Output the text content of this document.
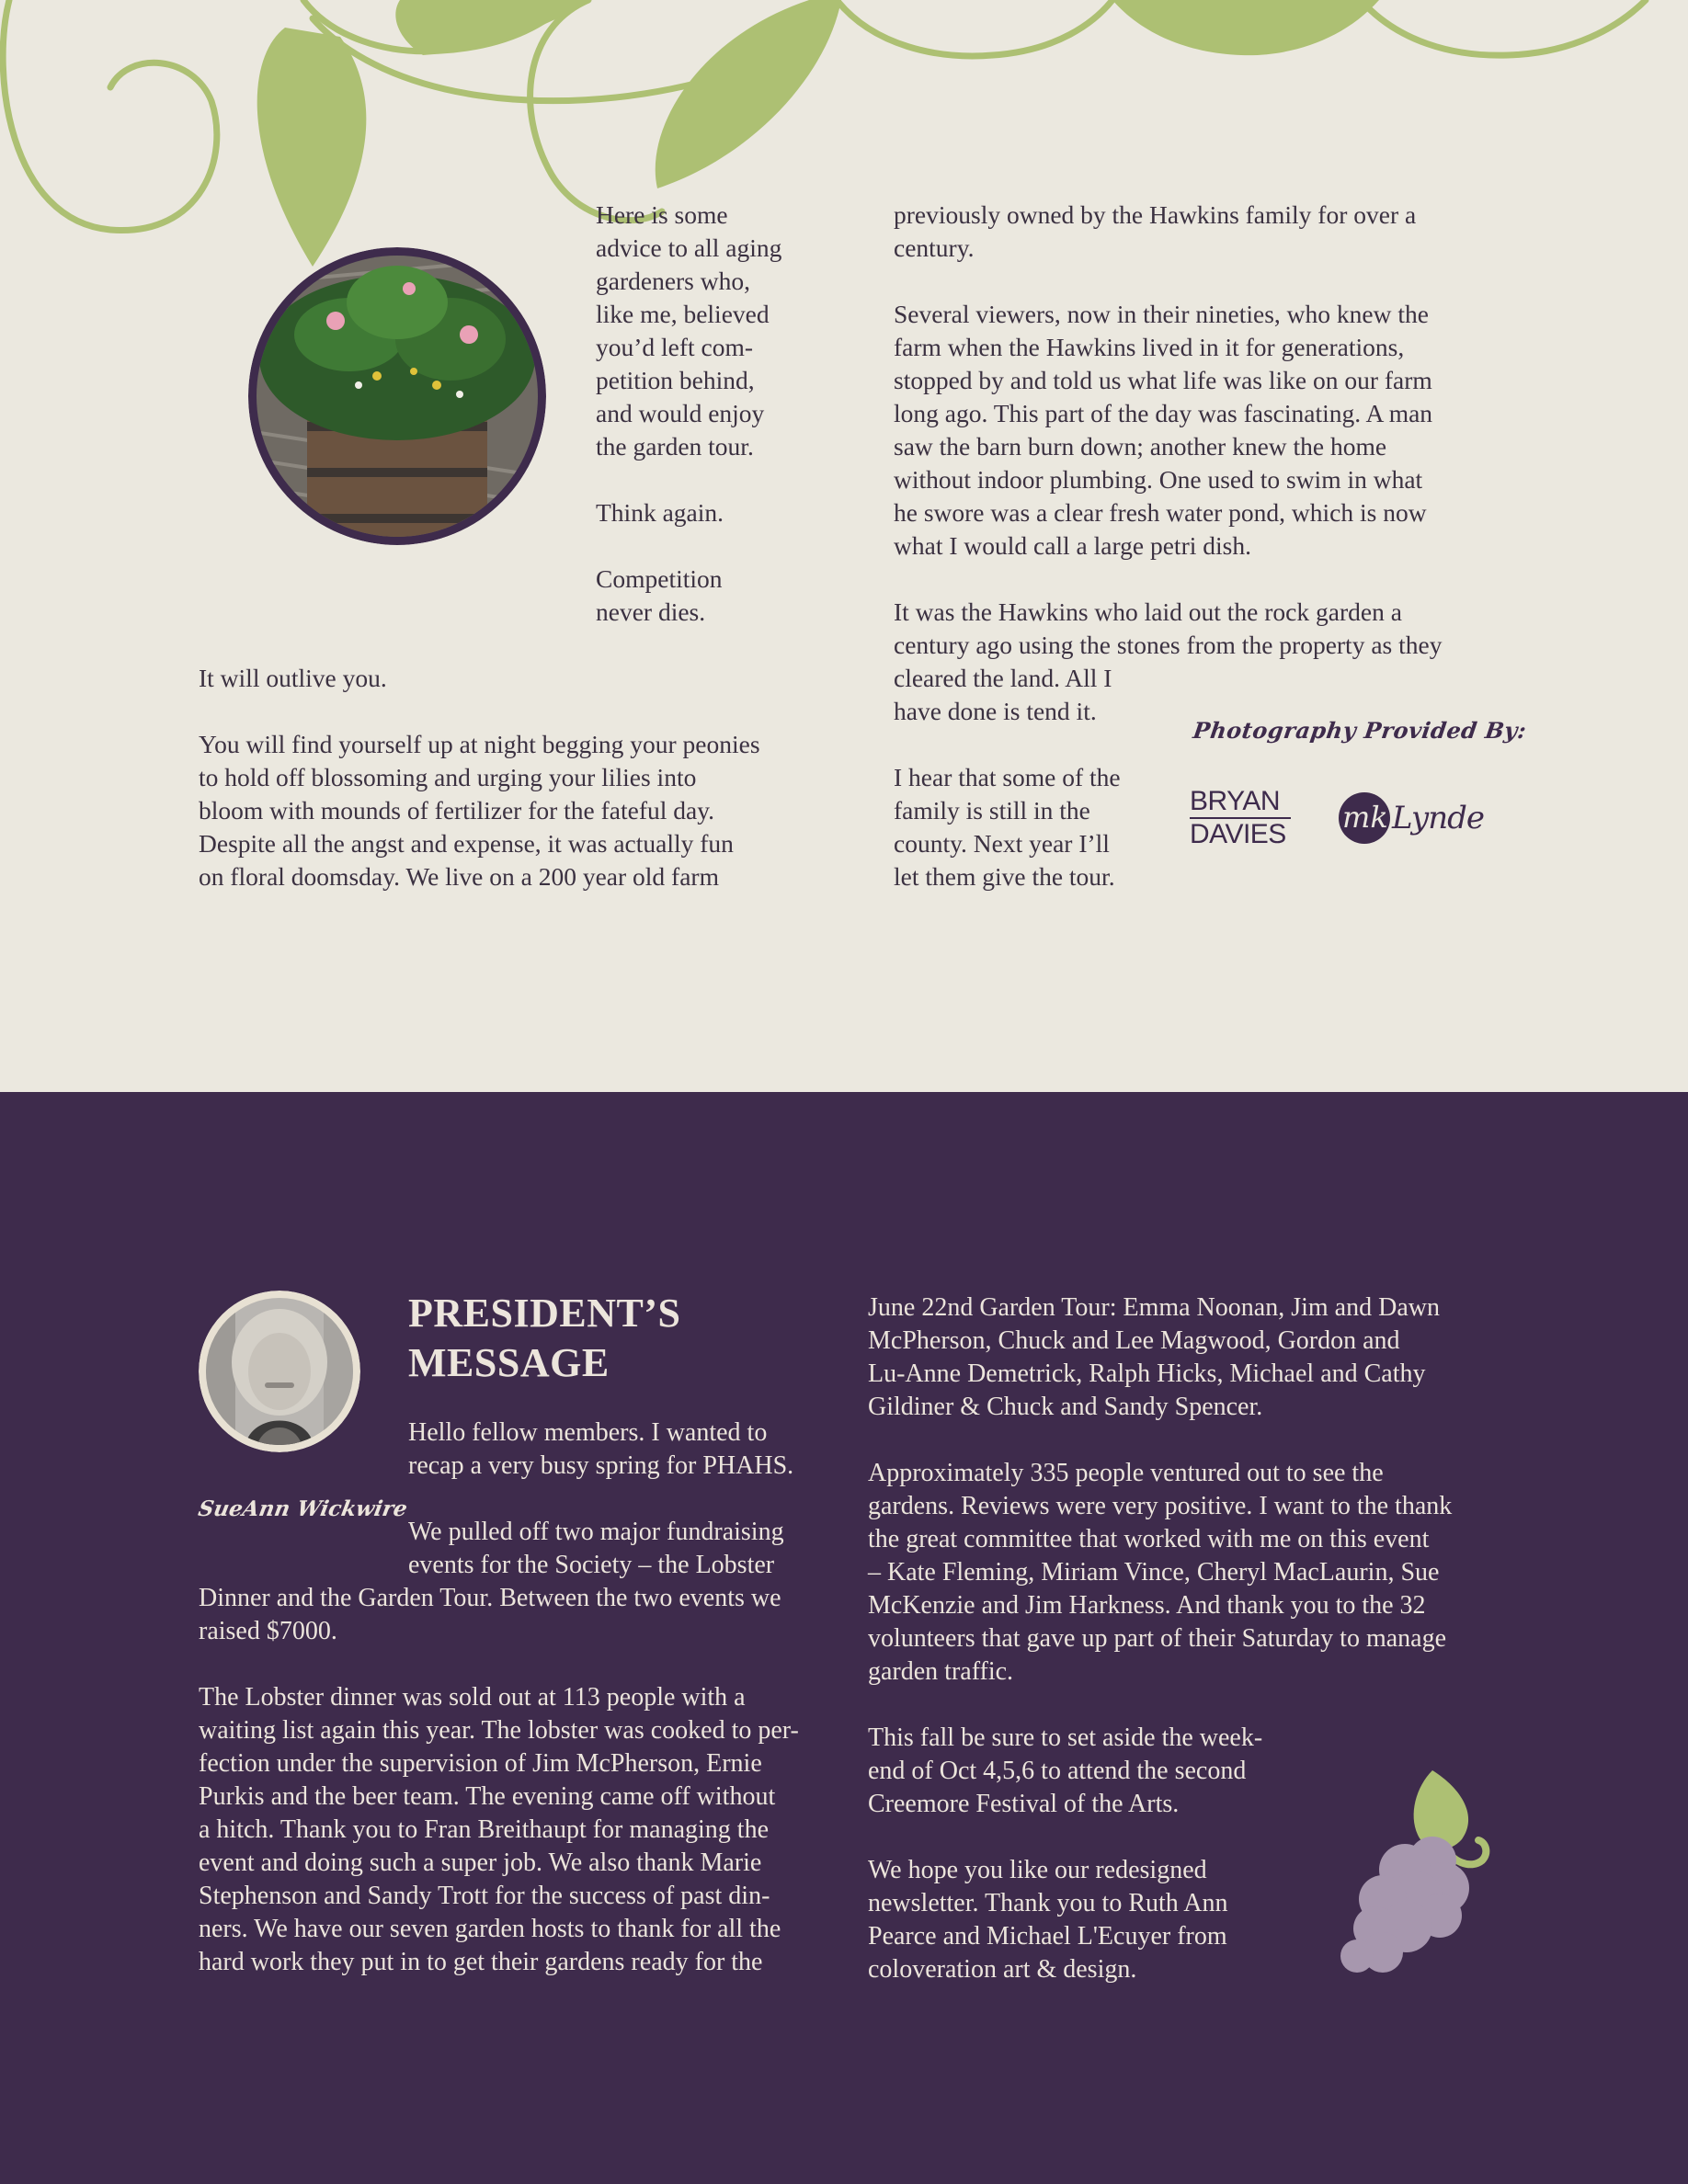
Here is some
advice to all aging
gardeners who,
like me, believed
you’d left com-
petition behind,
and would enjoy
the garden tour.

Think again.

Competition
never dies.

It will outlive you.

You will find yourself up at night begging your peonies
to hold off blossoming and urging your lilies into
bloom with mounds of fertilizer for the fateful day.
Despite all the angst and expense, it was actually fun
on floral doomsday. We live on a 200 year old farm

previously owned by the Hawkins family for over a
century.

Several viewers, now in their nineties, who knew the
farm when the Hawkins lived in it for generations,
stopped by and told us what life was like on our farm
long ago. This part of the day was fascinating. A man
saw the barn burn down; another knew the home
without indoor plumbing. One used to swim in what
he swore was a clear fresh water pond, which is now
what I would call a large petri dish.

It was the Hawkins who laid out the rock garden a
century ago using the stones from the property as they
cleared the land. All I
have done is tend it.

I hear that some of the
family is still in the
county. Next year I’ll
let them give the tour.

Photography Provided By:
BRYAN
DAVIES mk Lynde
SueAnn Wickwire
PRESIDENT’S
MESSAGE

Hello fellow members. I wanted to
recap a very busy spring for PHAHS.

We pulled off two major fundraising
events for the Society – the Lobster

Dinner and the Garden Tour. Between the two events we
raised $7000.

The Lobster dinner was sold out at 113 people with a
waiting list again this year. The lobster was cooked to per-
fection under the supervision of Jim McPherson, Ernie
Purkis and the beer team. The evening came off without
a hitch. Thank you to Fran Breithaupt for managing the
event and doing such a super job. We also thank Marie
Stephenson and Sandy Trott for the success of past din-
ners. We have our seven garden hosts to thank for all the
hard work they put in to get their gardens ready for the

June 22nd Garden Tour: Emma Noonan, Jim and Dawn
McPherson, Chuck and Lee Magwood, Gordon and
Lu-Anne Demetrick, Ralph Hicks, Michael and Cathy
Gildiner & Chuck and Sandy Spencer.

Approximately 335 people ventured out to see the
gardens. Reviews were very positive. I want to the thank
the great committee that worked with me on this event
– Kate Fleming, Miriam Vince, Cheryl MacLaurin, Sue
McKenzie and Jim Harkness. And thank you to the 32
volunteers that gave up part of their Saturday to manage
garden traffic.

This fall be sure to set aside the week-
end of Oct 4,5,6 to attend the second
Creemore Festival of the Arts.

We hope you like our redesigned
newsletter. Thank you to Ruth Ann
Pearce and Michael L'Ecuyer from
coloveration art & design.
